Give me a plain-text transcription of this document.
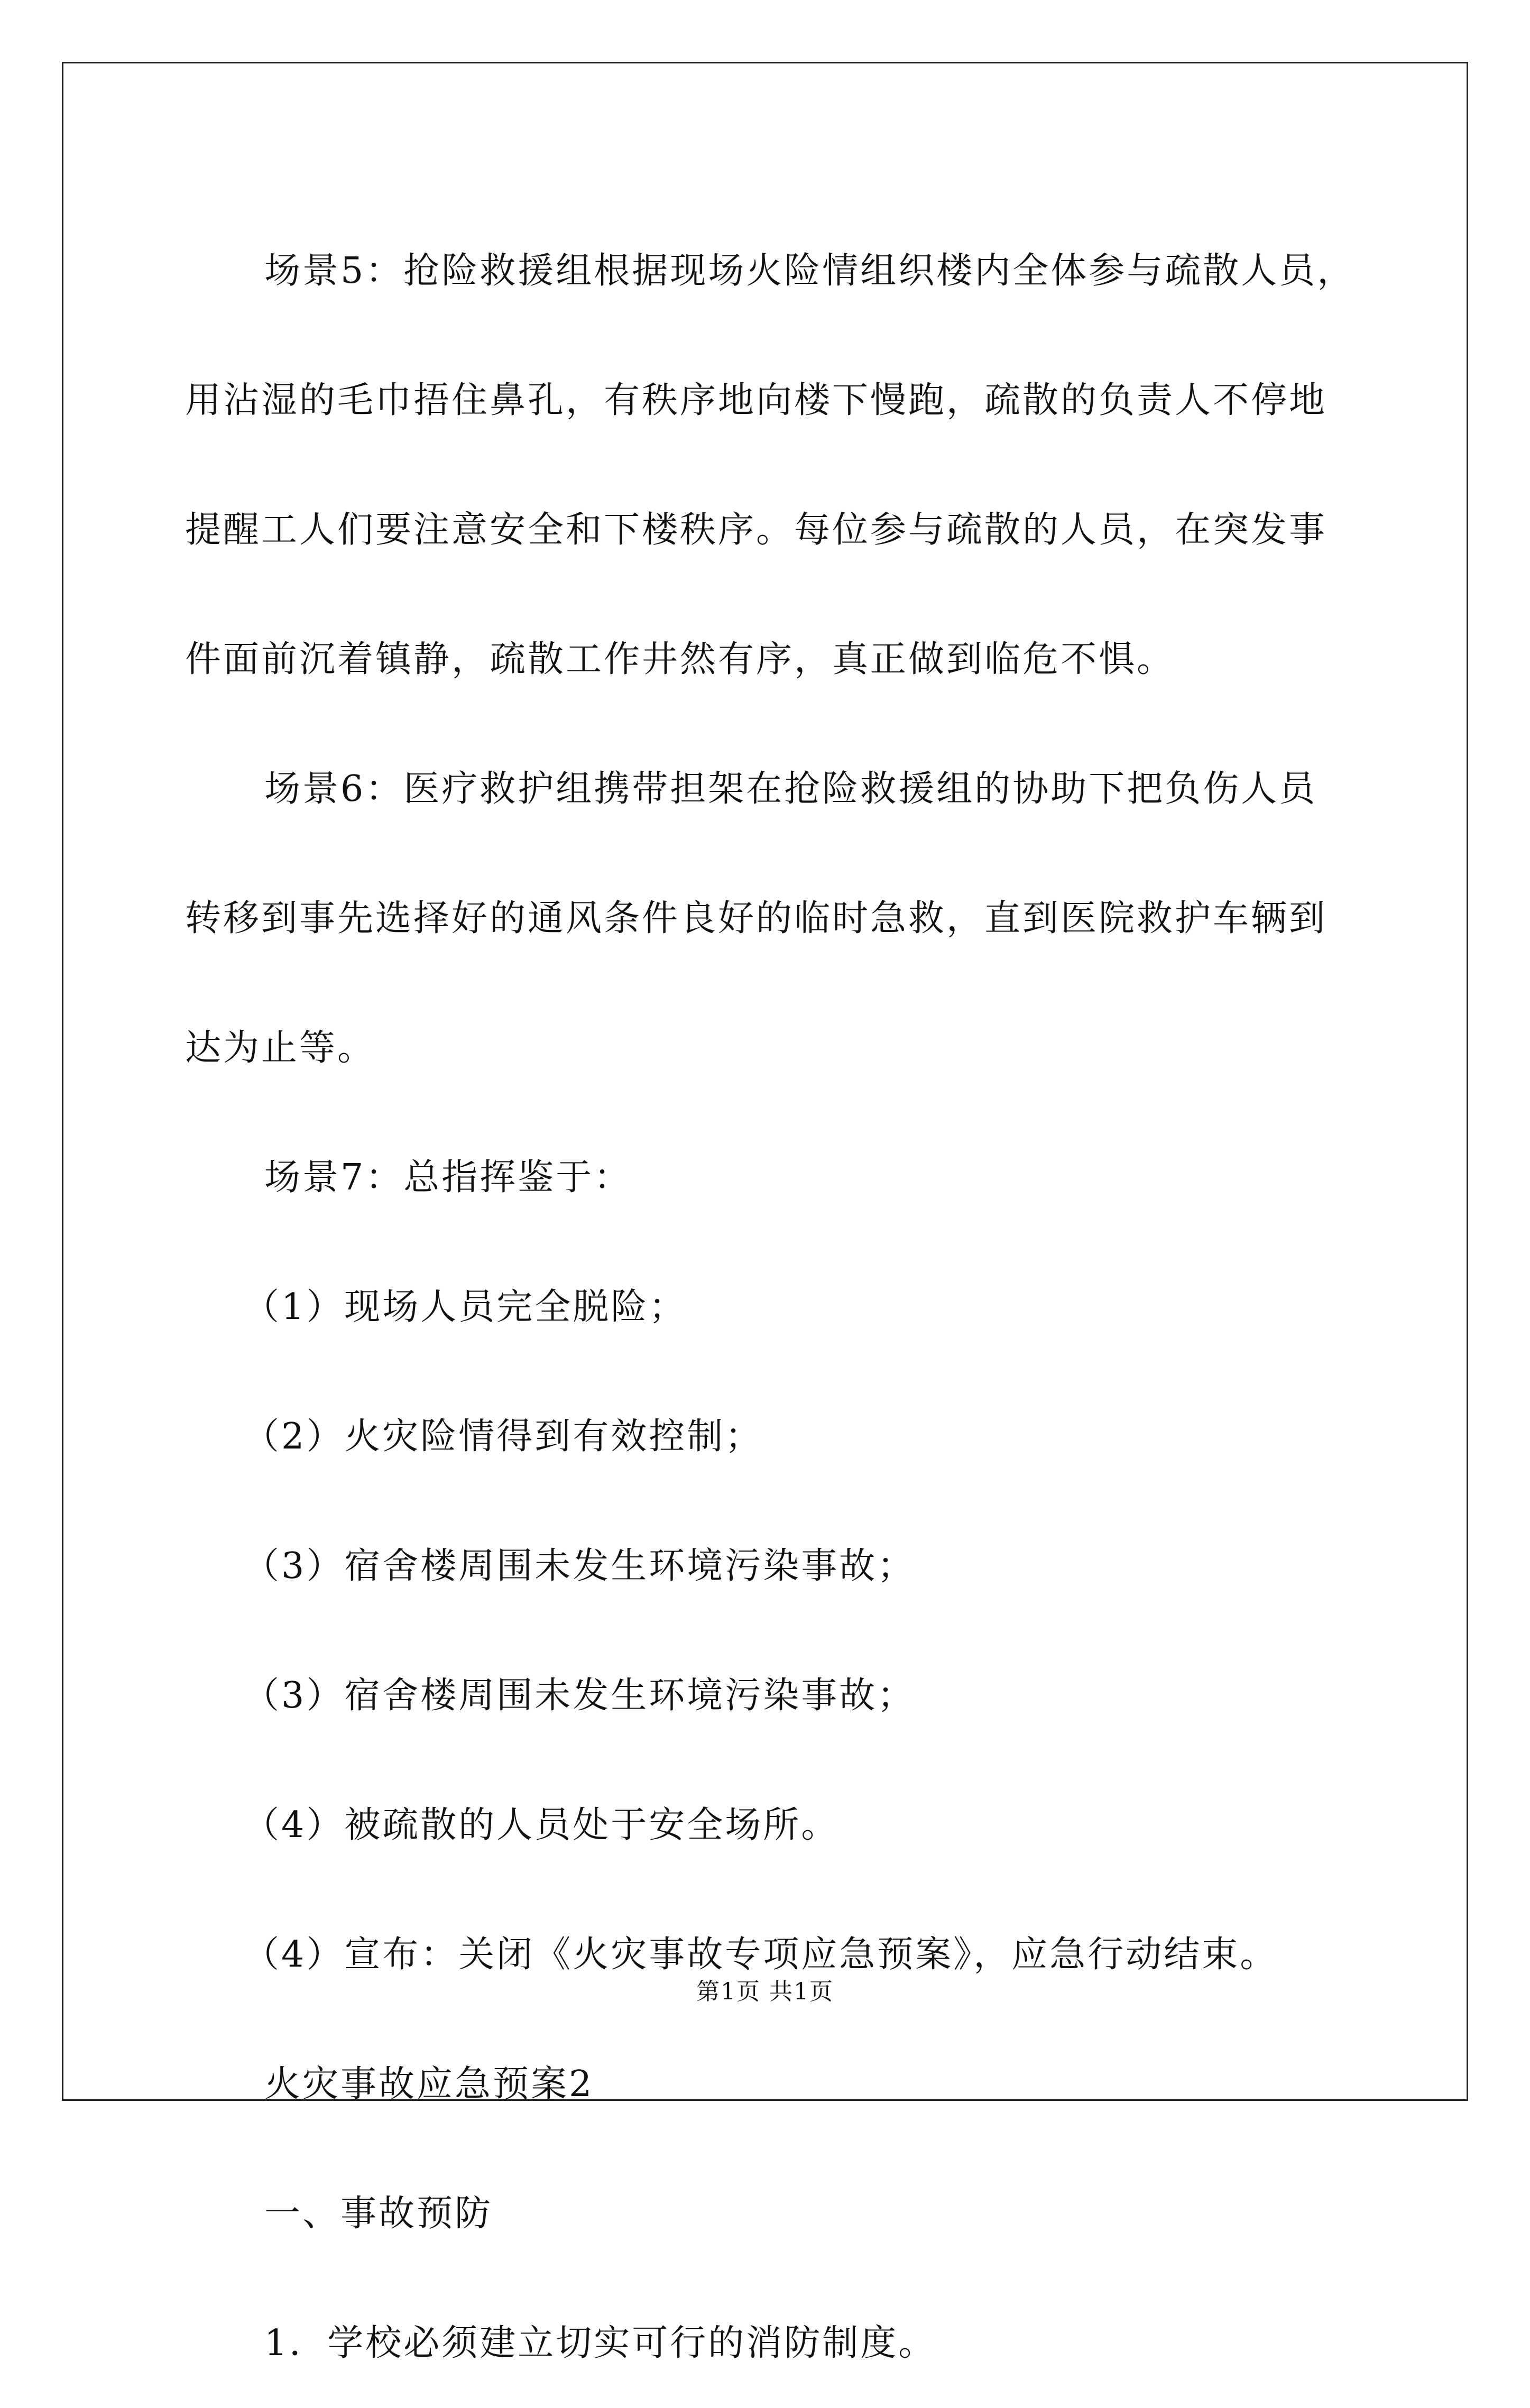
场景5：抢险救援组根据现场火险情组织楼内全体参与疏散人员，
用沾湿的毛巾捂住鼻孔，有秩序地向楼下慢跑，疏散的负责人不停地
提醒工人们要注意安全和下楼秩序。每位参与疏散的人员，在突发事
件面前沉着镇静，疏散工作井然有序，真正做到临危不惧。

场景6：医疗救护组携带担架在抢险救援组的协助下把负伤人员
转移到事先选择好的通风条件良好的临时急救，直到医院救护车辆到
达为止等。

场景7：总指挥鉴于：

（1）现场人员完全脱险；

（2）火灾险情得到有效控制；

（3）宿舍楼周围未发生环境污染事故；

（3）宿舍楼周围未发生环境污染事故；

（4）被疏散的人员处于安全场所。

（4）宣布：关闭《火灾事故专项应急预案》，应急行动结束。

火灾事故应急预案2

一、事故预防

1．学校必须建立切实可行的消防制度。

第1页 共1页
